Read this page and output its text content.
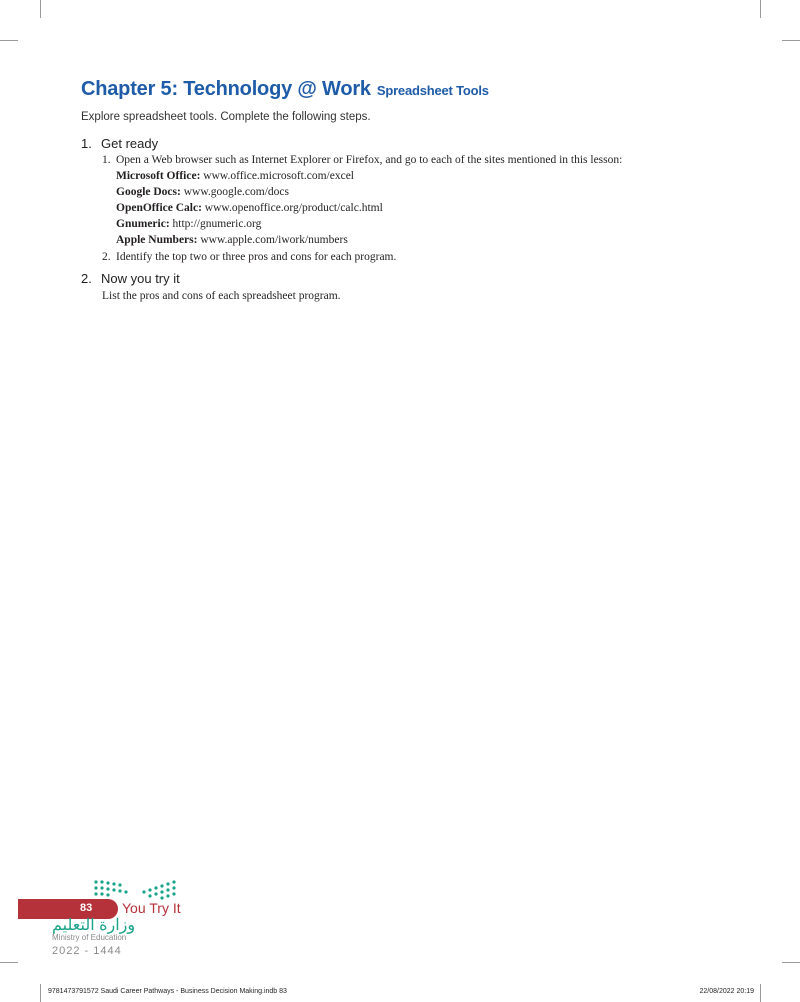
Chapter 5: Technology @ Work Spreadsheet Tools
Explore spreadsheet tools. Complete the following steps.
1. Get ready
1. Open a Web browser such as Internet Explorer or Firefox, and go to each of the sites mentioned in this lesson:
Microsoft Office: www.office.microsoft.com/excel
Google Docs: www.google.com/docs
OpenOffice Calc: www.openoffice.org/product/calc.html
Gnumeric: http://gnumeric.org
Apple Numbers: www.apple.com/iwork/numbers
2. Identify the top two or three pros and cons for each program.
2. Now you try it
List the pros and cons of each spreadsheet program.
83 You Try It
وزارة التعليم
Ministry of Education
2022 - 1444
9781473791572 Saudi Career Pathways - Business Decision Making.indb 83	22/08/2022 20:19
